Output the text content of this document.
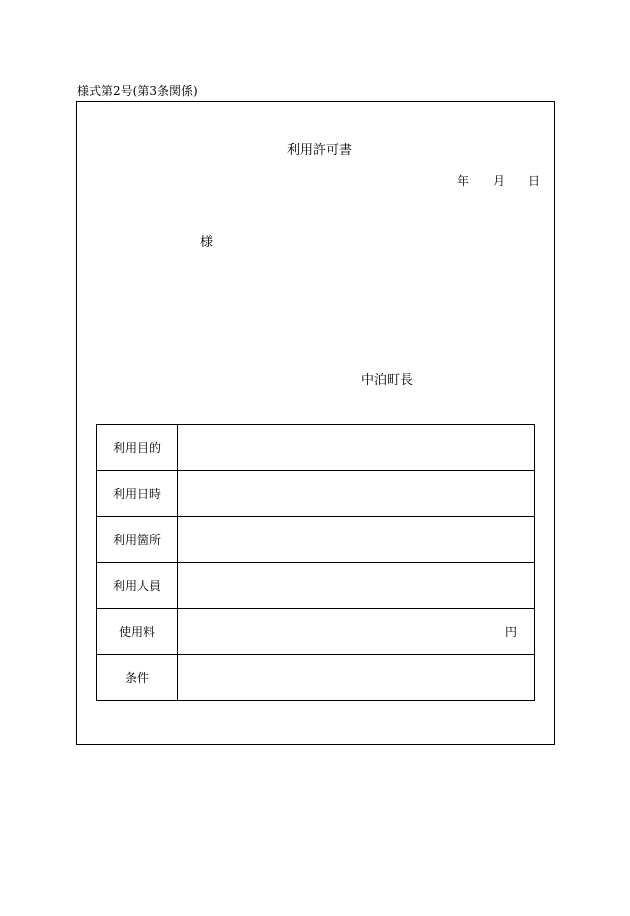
様式第2号(第3条関係)
利用許可書
年 月 日
様
中泊町長
利用目的	
利用日時	
利用箇所	
利用人員	
使用料	円
条件	
